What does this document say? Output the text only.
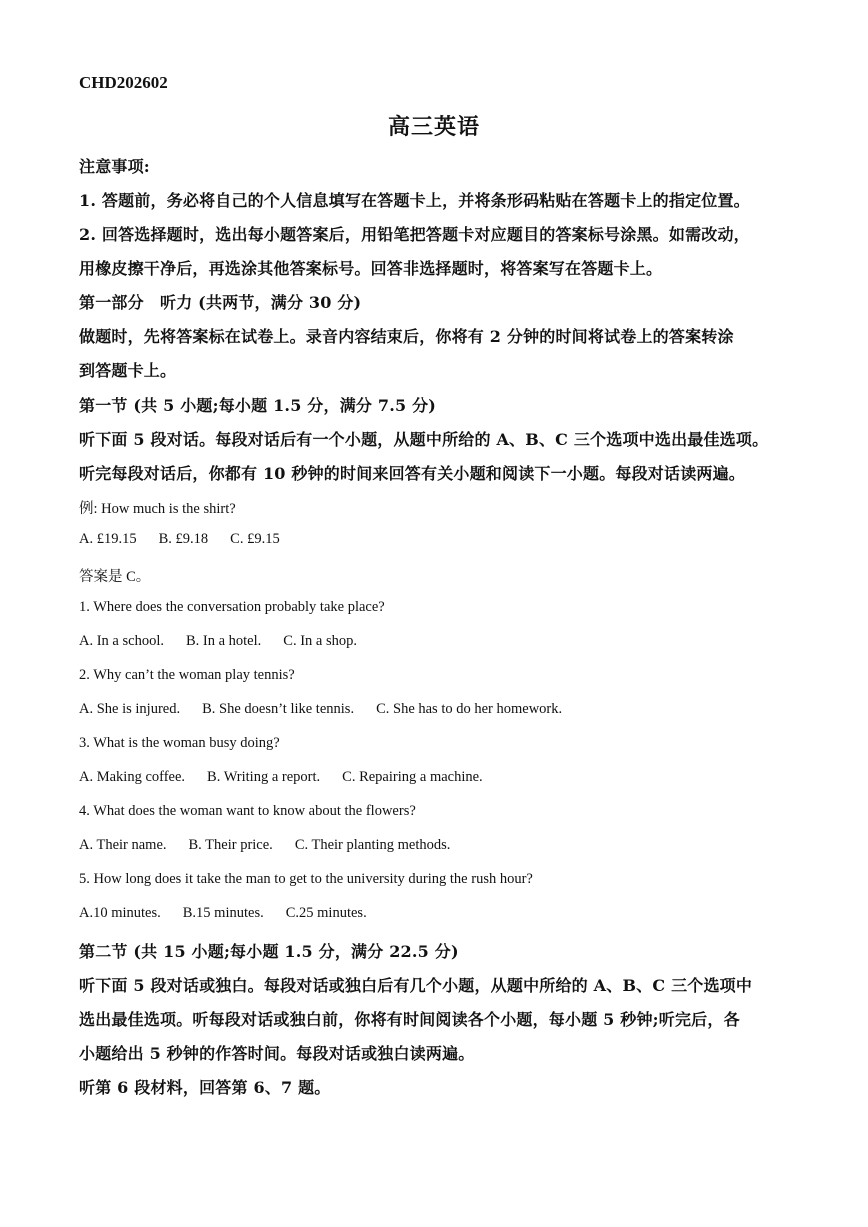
CHD202602
高三英语
注意事项:
1. 答题前，务必将自己的个人信息填写在答题卡上，并将条形码粘贴在答题卡上的指定位置。
2. 回答选择题时，选出每小题答案后，用铅笔把答题卡对应题目的答案标号涂黑。如需改动，
用橡皮擦干净后，再选涂其他答案标号。回答非选择题时，将答案写在答题卡上。
第一部分　听力 (共两节，满分 30 分)
做题时，先将答案标在试卷上。录音内容结束后，你将有 2 分钟的时间将试卷上的答案转涂
到答题卡上。
第一节 (共 5 小题;每小题 1.5 分，满分 7.5 分)
听下面 5 段对话。每段对话后有一个小题，从题中所给的 A、B、C 三个选项中选出最佳选项。
听完每段对话后，你都有 10 秒钟的时间来回答有关小题和阅读下一小题。每段对话读两遍。
例: How much is the shirt?
A. £19.15 B. £9.18 C. £9.15
答案是 C。
1. Where does the conversation probably take place?
A. In a school. B. In a hotel. C. In a shop.
2. Why can’t the woman play tennis?
A. She is injured. B. She doesn’t like tennis. C. She has to do her homework.
3. What is the woman busy doing?
A. Making coffee. B. Writing a report. C. Repairing a machine.
4. What does the woman want to know about the flowers?
A. Their name. B. Their price. C. Their planting methods.
5. How long does it take the man to get to the university during the rush hour?
A.10 minutes. B.15 minutes. C.25 minutes.
第二节 (共 15 小题;每小题 1.5 分，满分 22.5 分)
听下面 5 段对话或独白。每段对话或独白后有几个小题，从题中所给的 A、B、C 三个选项中
选出最佳选项。听每段对话或独白前，你将有时间阅读各个小题，每小题 5 秒钟;听完后，各
小题给出 5 秒钟的作答时间。每段对话或独白读两遍。
听第 6 段材料，回答第 6、7 题。
